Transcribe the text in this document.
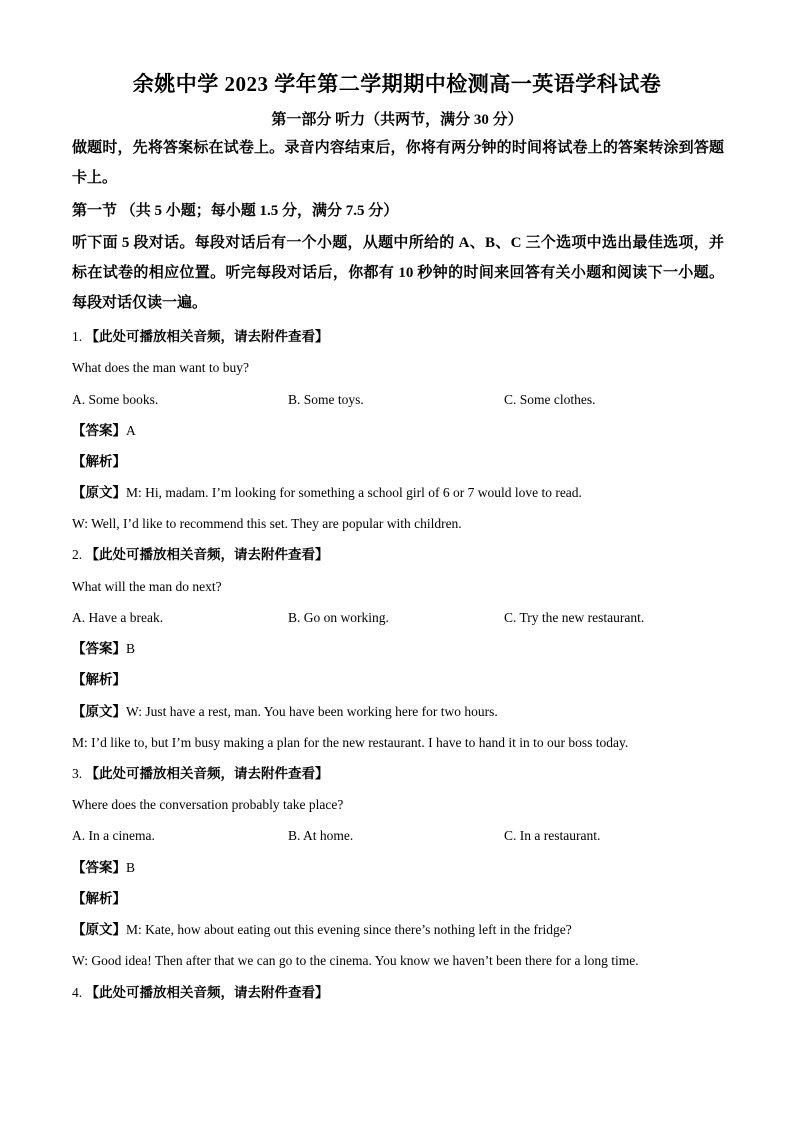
余姚中学 2023 学年第二学期期中检测高一英语学科试卷
第一部分 听力（共两节，满分 30 分）
做题时，先将答案标在试卷上。录音内容结束后，你将有两分钟的时间将试卷上的答案转涂到答题卡上。
第一节 （共 5 小题；每小题 1.5 分，满分 7.5 分）
听下面 5 段对话。每段对话后有一个小题，从题中所给的 A、B、C 三个选项中选出最佳选项，并标在试卷的相应位置。听完每段对话后，你都有 10 秒钟的时间来回答有关小题和阅读下一小题。每段对话仅读一遍。
1. 【此处可播放相关音频，请去附件查看】
What does the man want to buy?
A. Some books.	B. Some toys.	C. Some clothes.
【答案】A
【解析】
【原文】M: Hi, madam. I’m looking for something a school girl of 6 or 7 would love to read.
W: Well, I’d like to recommend this set. They are popular with children.
2. 【此处可播放相关音频，请去附件查看】
What will the man do next?
A. Have a break.	B. Go on working.	C. Try the new restaurant.
【答案】B
【解析】
【原文】W: Just have a rest, man. You have been working here for two hours.
M: I’d like to, but I’m busy making a plan for the new restaurant. I have to hand it in to our boss today.
3. 【此处可播放相关音频，请去附件查看】
Where does the conversation probably take place?
A. In a cinema.	B. At home.	C. In a restaurant.
【答案】B
【解析】
【原文】M: Kate, how about eating out this evening since there’s nothing left in the fridge?
W: Good idea! Then after that we can go to the cinema. You know we haven’t been there for a long time.
4. 【此处可播放相关音频，请去附件查看】
